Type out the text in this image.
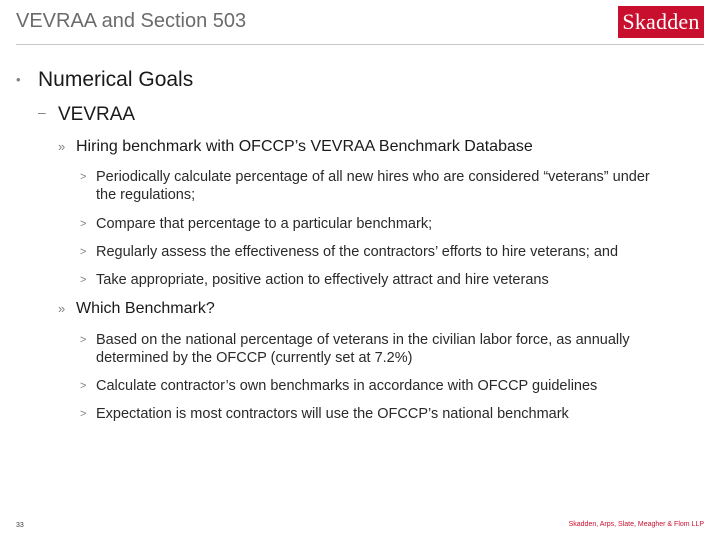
VEVRAA and Section 503	Skadden
• Numerical Goals
– VEVRAA
» Hiring benchmark with OFCCP’s VEVRAA Benchmark Database
> Periodically calculate percentage of all new hires who are considered “veterans” under the regulations;
> Compare that percentage to a particular benchmark;
> Regularly assess the effectiveness of the contractors’ efforts to hire veterans; and
> Take appropriate, positive action to effectively attract and hire veterans
» Which Benchmark?
> Based on the national percentage of veterans in the civilian labor force, as annually determined by the OFCCP (currently set at 7.2%)
> Calculate contractor’s own benchmarks in accordance with OFCCP guidelines
> Expectation is most contractors will use the OFCCP’s national benchmark
33	Skadden, Arps, Slate, Meagher & Flom LLP
